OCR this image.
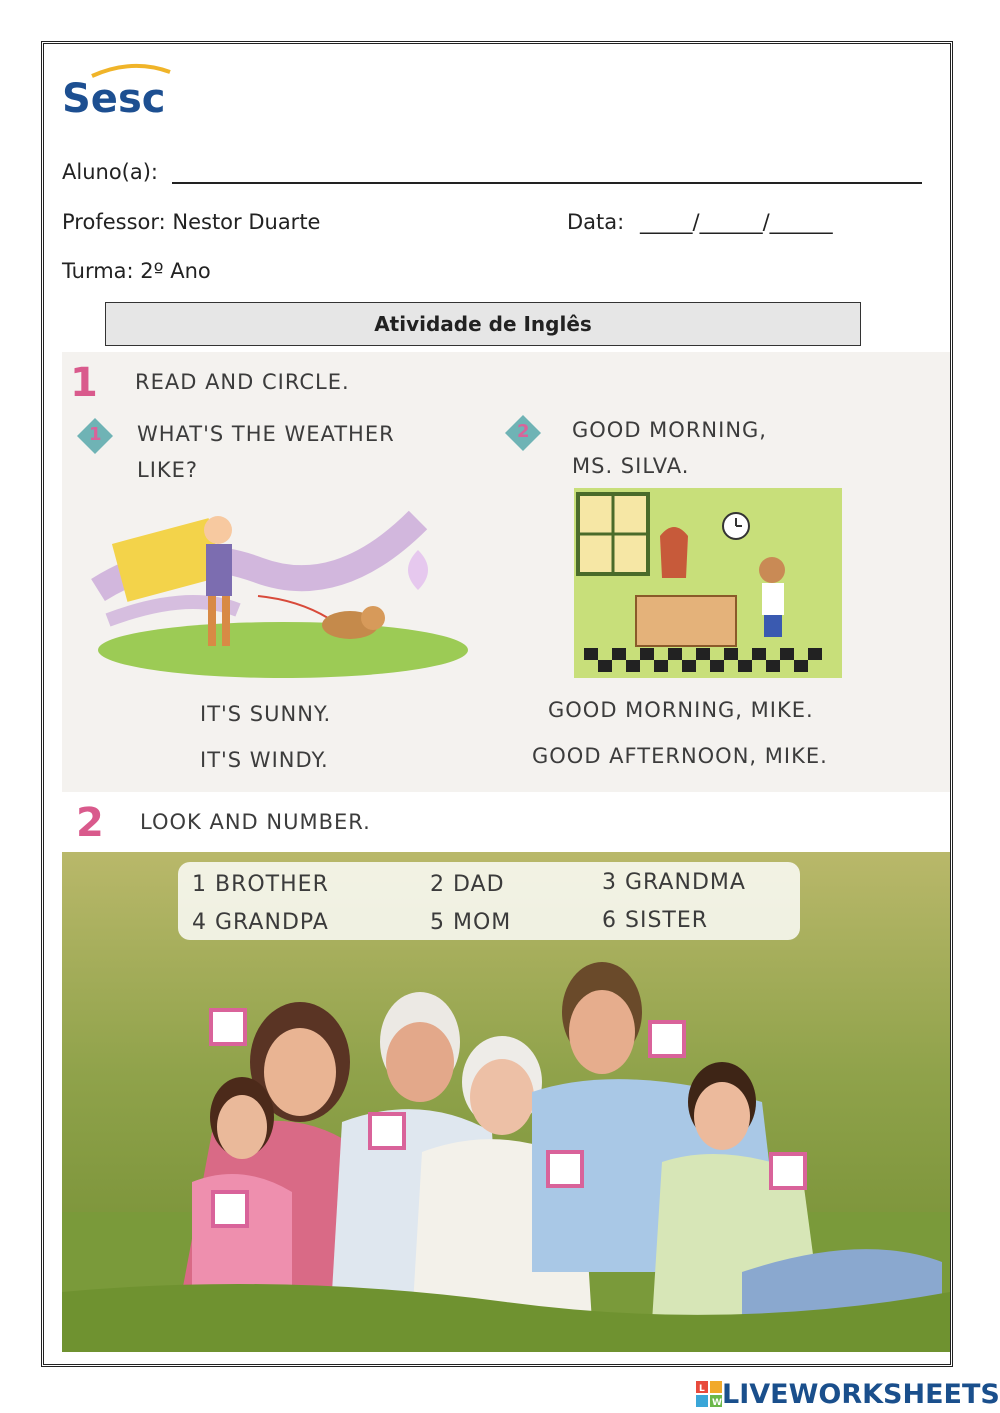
Sesc
Aluno(a):
Professor: Nestor Duarte	Data: _____/______/______
Turma: 2º Ano
Atividade de Inglês
1 READ AND CIRCLE.
1 WHAT'S THE WEATHER
LIKE?
IT'S SUNNY.
IT'S WINDY.
2 GOOD MORNING,
MS. SILVA.
GOOD MORNING, MIKE.
GOOD AFTERNOON, MIKE.
2 LOOK AND NUMBER.
1 BROTHER	2 DAD	3 GRANDMA
4 GRANDPA	5 MOM	6 SISTER
L
W LIVEWORKSHEETS
